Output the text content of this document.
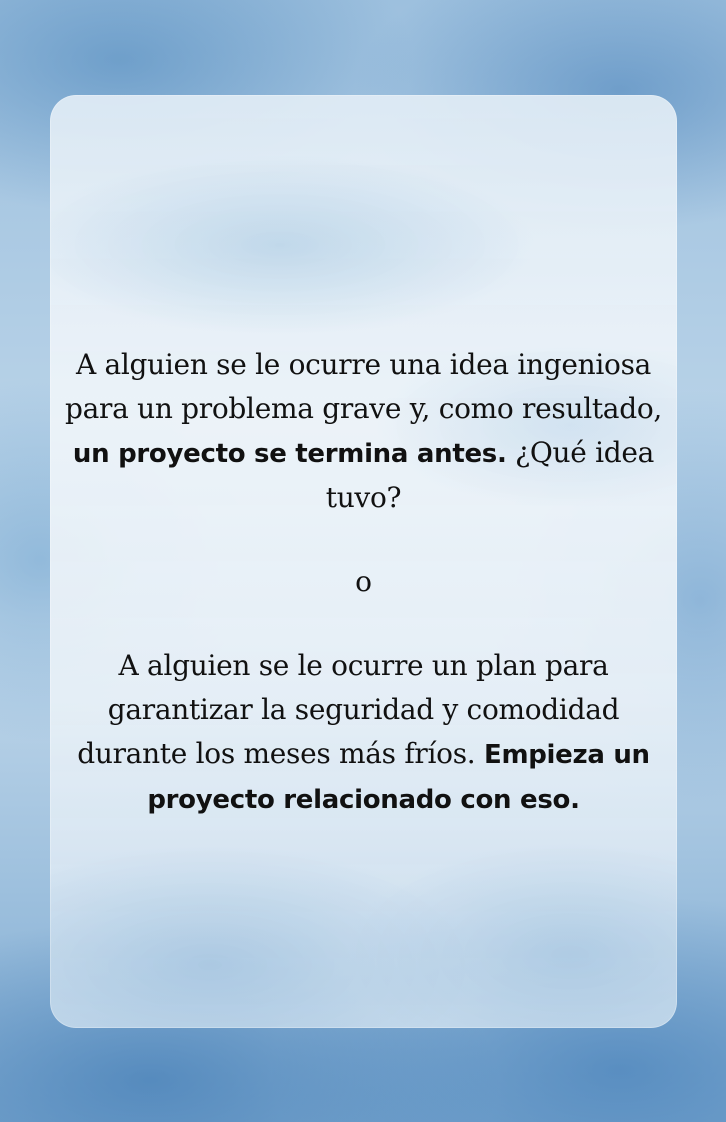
A alguien se le ocurre una idea ingeniosa para un problema grave y, como resultado, un proyecto se termina antes. ¿Qué idea tuvo?

o

A alguien se le ocurre un plan para garantizar la seguridad y comodidad durante los meses más fríos. Empieza un proyecto relacionado con eso.
